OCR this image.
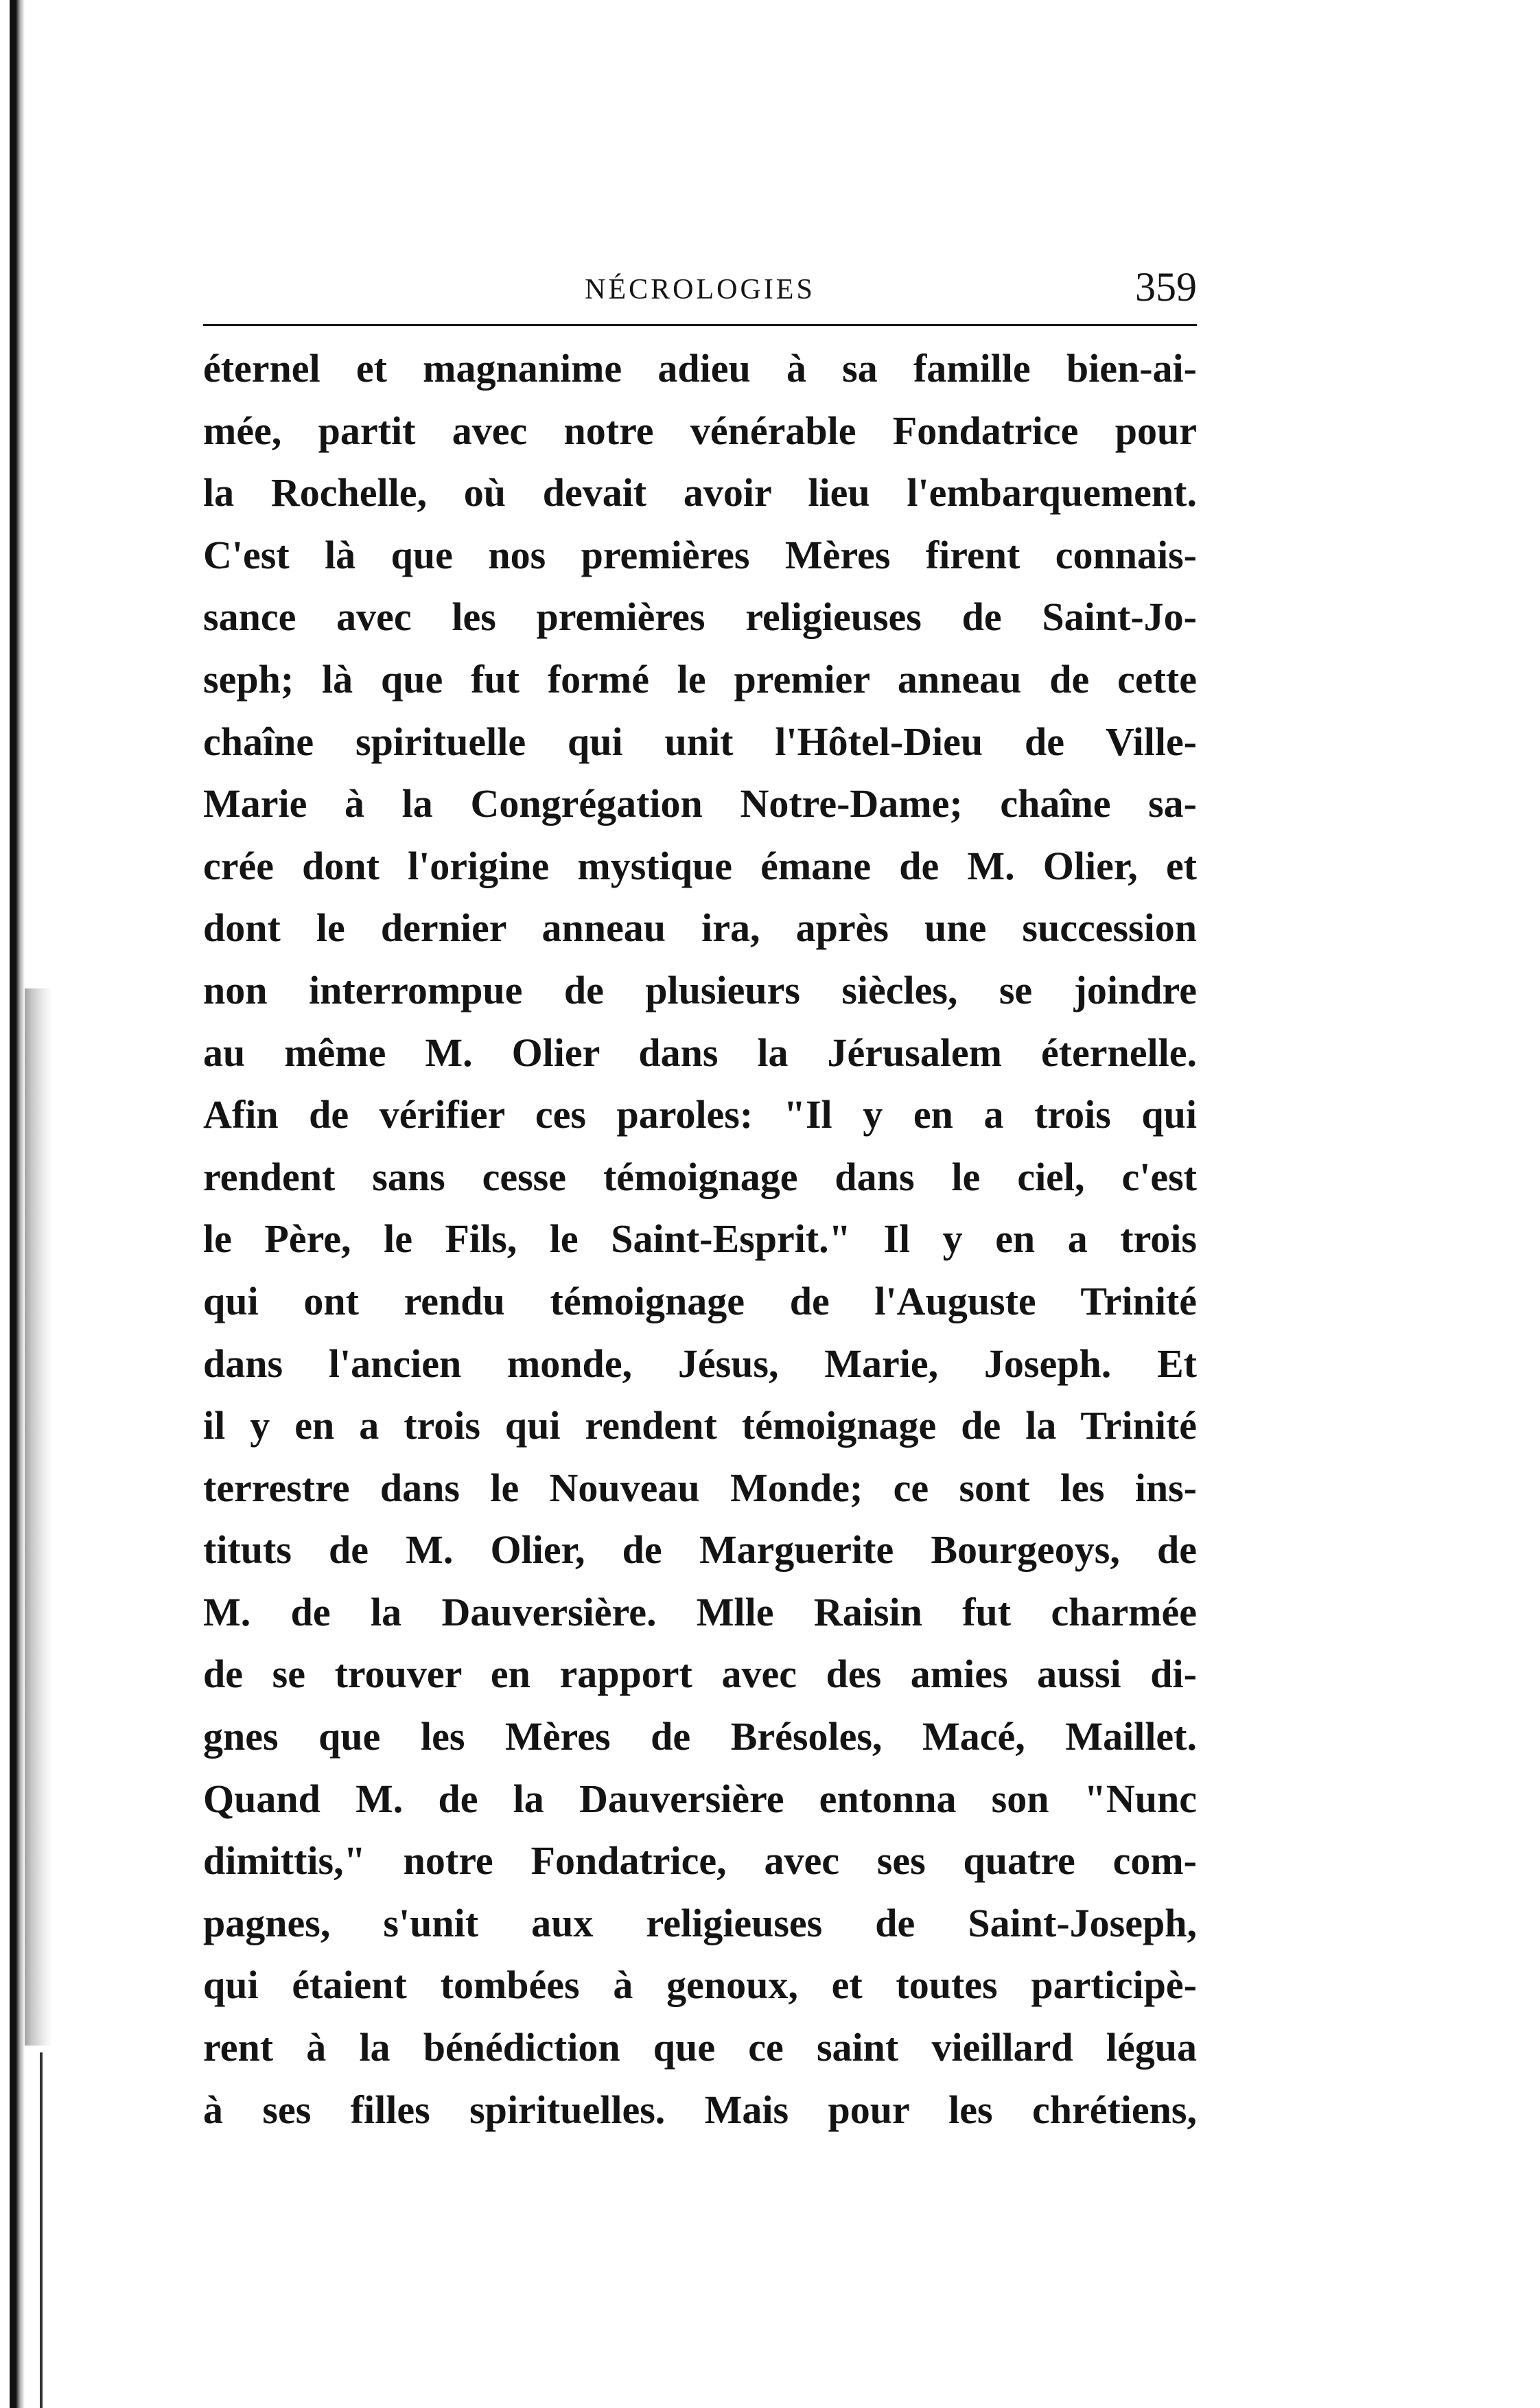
NÉCROLOGIES	359
éternel et magnanime adieu à sa famille bien-ai-
mée, partit avec notre vénérable Fondatrice pour
la Rochelle, où devait avoir lieu l'embarquement.
C'est là que nos premières Mères firent connais-
sance avec les premières religieuses de Saint-Jo-
seph; là que fut formé le premier anneau de cette
chaîne spirituelle qui unit l'Hôtel-Dieu de Ville-
Marie à la Congrégation Notre-Dame; chaîne sa-
crée dont l'origine mystique émane de M. Olier, et
dont le dernier anneau ira, après une succession
non interrompue de plusieurs siècles, se joindre
au même M. Olier dans la Jérusalem éternelle.
Afin de vérifier ces paroles: "Il y en a trois qui
rendent sans cesse témoignage dans le ciel, c'est
le Père, le Fils, le Saint-Esprit." Il y en a trois
qui ont rendu témoignage de l'Auguste Trinité
dans l'ancien monde, Jésus, Marie, Joseph. Et
il y en a trois qui rendent témoignage de la Trinité
terrestre dans le Nouveau Monde; ce sont les ins-
tituts de M. Olier, de Marguerite Bourgeoys, de
M. de la Dauversière. Mlle Raisin fut charmée
de se trouver en rapport avec des amies aussi di-
gnes que les Mères de Brésoles, Macé, Maillet.
Quand M. de la Dauversière entonna son "Nunc
dimittis," notre Fondatrice, avec ses quatre com-
pagnes, s'unit aux religieuses de Saint-Joseph,
qui étaient tombées à genoux, et toutes participè-
rent à la bénédiction que ce saint vieillard légua
à ses filles spirituelles. Mais pour les chrétiens,
